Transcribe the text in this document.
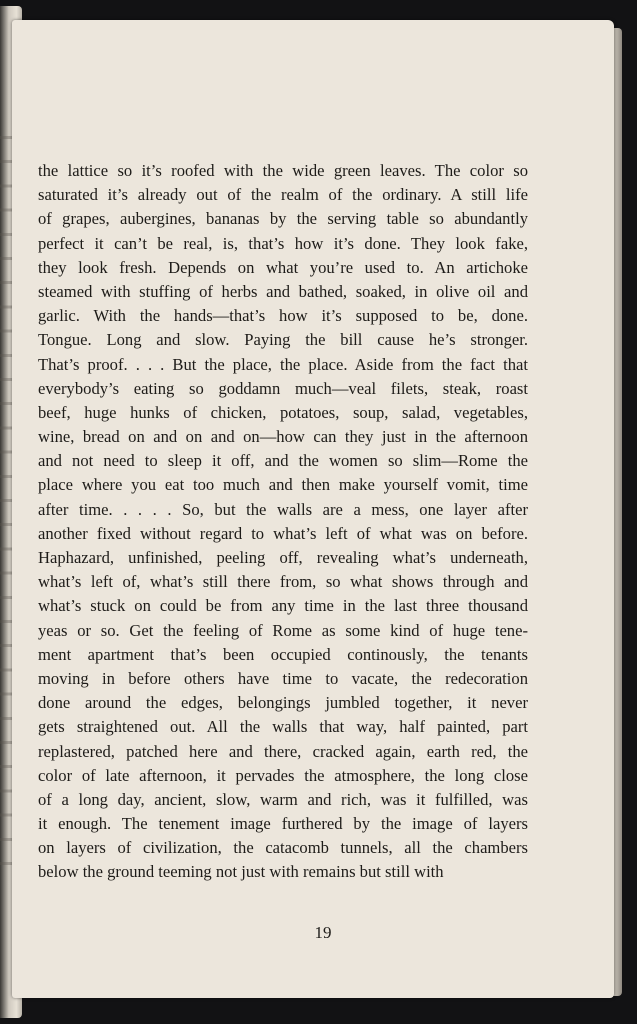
the lattice so it’s roofed with the wide green leaves. The color so
saturated it’s already out of the realm of the ordinary. A still life
of grapes, aubergines, bananas by the serving table so abundantly
perfect it can’t be real, is, that’s how it’s done. They look fake,
they look fresh. Depends on what you’re used to. An artichoke
steamed with stuffing of herbs and bathed, soaked, in olive oil and
garlic. With the hands—that’s how it’s supposed to be, done.
Tongue. Long and slow. Paying the bill cause he’s stronger.
That’s proof. . . . But the place, the place. Aside from the fact that
everybody’s eating so goddamn much—veal filets, steak, roast
beef, huge hunks of chicken, potatoes, soup, salad, vegetables,
wine, bread on and on and on—how can they just in the afternoon
and not need to sleep it off, and the women so slim—Rome the
place where you eat too much and then make yourself vomit, time
after time. . . . . So, but the walls are a mess, one layer after
another fixed without regard to what’s left of what was on before.
Haphazard, unfinished, peeling off, revealing what’s underneath,
what’s left of, what’s still there from, so what shows through and
what’s stuck on could be from any time in the last three thousand
yeas or so. Get the feeling of Rome as some kind of huge tene-
ment apartment that’s been occupied continously, the tenants
moving in before others have time to vacate, the redecoration
done around the edges, belongings jumbled together, it never
gets straightened out. All the walls that way, half painted, part
replastered, patched here and there, cracked again, earth red, the
color of late afternoon, it pervades the atmosphere, the long close
of a long day, ancient, slow, warm and rich, was it fulfilled, was
it enough. The tenement image furthered by the image of layers
on layers of civilization, the catacomb tunnels, all the chambers
below the ground teeming not just with remains but still with
19
